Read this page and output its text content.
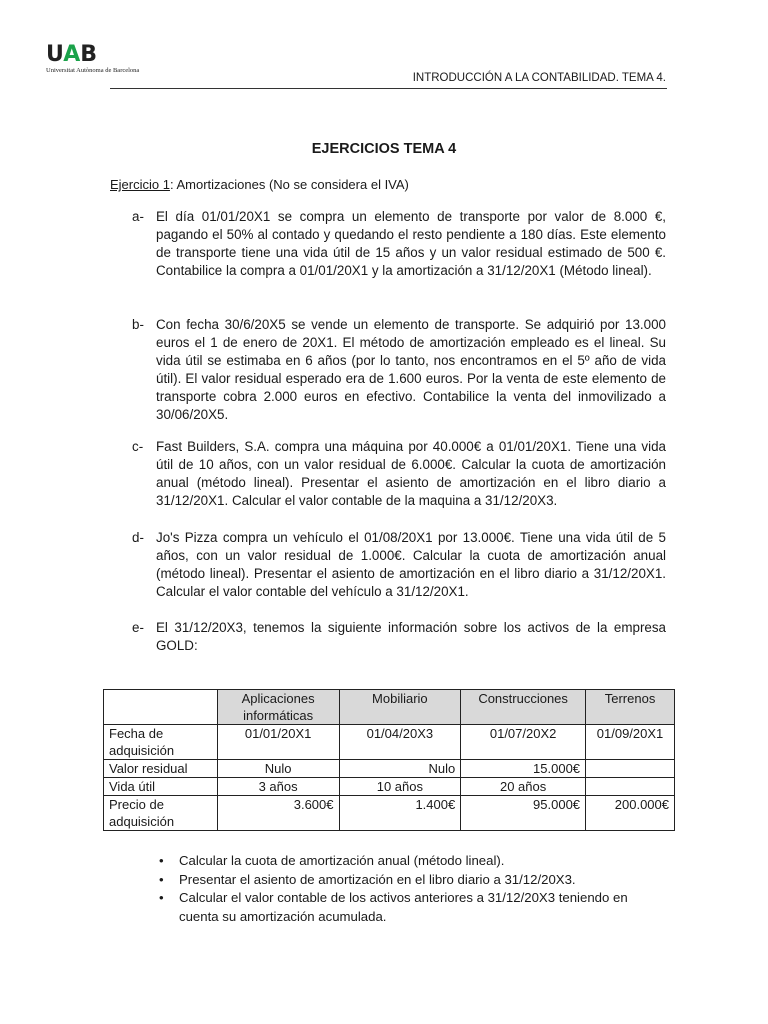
UAB
Universitat Autònoma de Barcelona
INTRODUCCIÓN A LA CONTABILIDAD. TEMA 4.
EJERCICIOS TEMA 4
Ejercicio 1: Amortizaciones (No se considera el IVA)
a- El día 01/01/20X1 se compra un elemento de transporte por valor de 8.000 €, pagando el 50% al contado y quedando el resto pendiente a 180 días. Este elemento de transporte tiene una vida útil de 15 años y un valor residual estimado de 500 €. Contabilice la compra a 01/01/20X1 y la amortización a 31/12/20X1 (Método lineal).
b- Con fecha 30/6/20X5 se vende un elemento de transporte. Se adquirió por 13.000 euros el 1 de enero de 20X1. El método de amortización empleado es el lineal. Su vida útil se estimaba en 6 años (por lo tanto, nos encontramos en el 5º año de vida útil). El valor residual esperado era de 1.600 euros. Por la venta de este elemento de transporte cobra 2.000 euros en efectivo. Contabilice la venta del inmovilizado a 30/06/20X5.
c- Fast Builders, S.A. compra una máquina por 40.000€ a 01/01/20X1. Tiene una vida útil de 10 años, con un valor residual de 6.000€. Calcular la cuota de amortización anual (método lineal). Presentar el asiento de amortización en el libro diario a 31/12/20X1. Calcular el valor contable de la maquina a 31/12/20X3.
d- Jo's Pizza compra un vehículo el 01/08/20X1 por 13.000€. Tiene una vida útil de 5 años, con un valor residual de 1.000€. Calcular la cuota de amortización anual (método lineal). Presentar el asiento de amortización en el libro diario a 31/12/20X1. Calcular el valor contable del vehículo a 31/12/20X1.
e- El 31/12/20X3, tenemos la siguiente información sobre los activos de la empresa GOLD:
	Aplicaciones informáticas	Mobiliario	Construcciones	Terrenos
Fecha de adquisición	01/01/20X1	01/04/20X3	01/07/20X2	01/09/20X1
Valor residual	Nulo	Nulo	15.000€	
Vida útil	3 años	10 años	20 años	
Precio de adquisición	3.600€	1.400€	95.000€	200.000€
• Calcular la cuota de amortización anual (método lineal).
• Presentar el asiento de amortización en el libro diario a 31/12/20X3.
• Calcular el valor contable de los activos anteriores a 31/12/20X3 teniendo en cuenta su amortización acumulada.
